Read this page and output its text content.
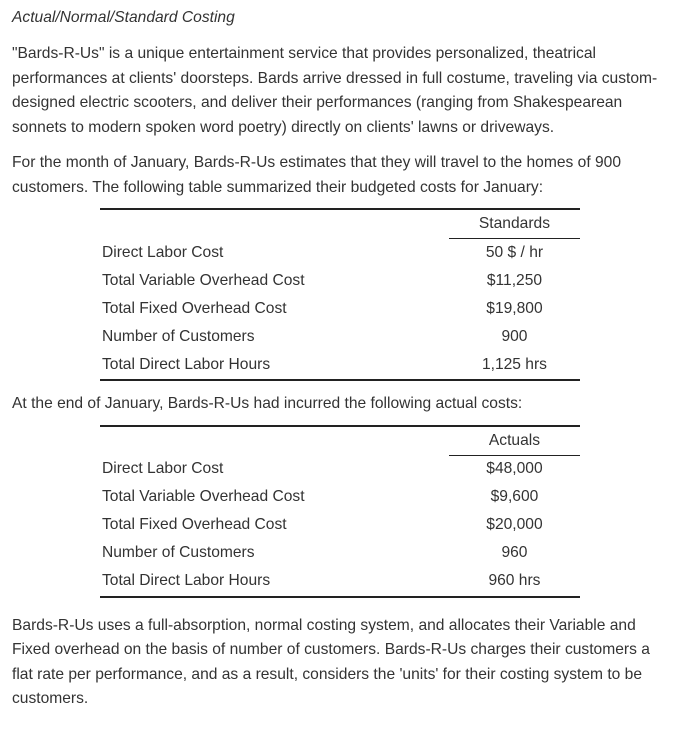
Actual/Normal/Standard Costing

"Bards-R-Us" is a unique entertainment service that provides personalized, theatrical performances at clients' doorsteps. Bards arrive dressed in full costume, traveling via custom-designed electric scooters, and deliver their performances (ranging from Shakespearean sonnets to modern spoken word poetry) directly on clients' lawns or driveways.

For the month of January, Bards-R-Us estimates that they will travel to the homes of 900 customers. The following table summarized their budgeted costs for January:

	Standards
Direct Labor Cost	50 $ / hr
Total Variable Overhead Cost	$11,250
Total Fixed Overhead Cost	$19,800
Number of Customers	900
Total Direct Labor Hours	1,125 hrs

At the end of January, Bards-R-Us had incurred the following actual costs:

	Actuals
Direct Labor Cost	$48,000
Total Variable Overhead Cost	$9,600
Total Fixed Overhead Cost	$20,000
Number of Customers	960
Total Direct Labor Hours	960 hrs

Bards-R-Us uses a full-absorption, normal costing system, and allocates their Variable and Fixed overhead on the basis of number of customers. Bards-R-Us charges their customers a flat rate per performance, and as a result, considers the 'units' for their costing system to be customers.
